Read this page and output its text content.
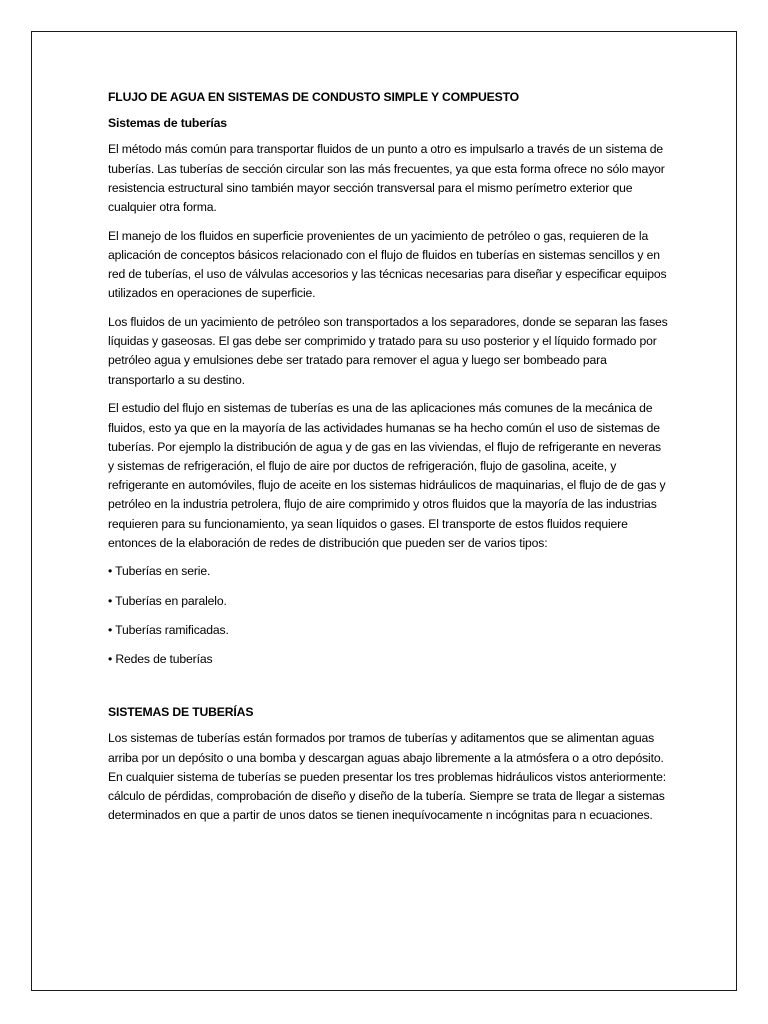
FLUJO DE AGUA EN SISTEMAS DE CONDUSTO SIMPLE Y COMPUESTO

Sistemas de tuberías

El método más común para transportar fluidos de un punto a otro es impulsarlo a través de un sistema de tuberías. Las tuberías de sección circular son las más frecuentes, ya que esta forma ofrece no sólo mayor resistencia estructural sino también mayor sección transversal para el mismo perímetro exterior que cualquier otra forma.

El manejo de los fluidos en superficie provenientes de un yacimiento de petróleo o gas, requieren de la aplicación de conceptos básicos relacionado con el flujo de fluidos en tuberías en sistemas sencillos y en red de tuberías, el uso de válvulas accesorios y las técnicas necesarias para diseñar y especificar equipos utilizados en operaciones de superficie.

Los fluidos de un yacimiento de petróleo son transportados a los separadores, donde se separan las fases líquidas y gaseosas. El gas debe ser comprimido y tratado para su uso posterior y el líquido formado por petróleo agua y emulsiones debe ser tratado para remover el agua y luego ser bombeado para transportarlo a su destino.

El estudio del flujo en sistemas de tuberías es una de las aplicaciones más comunes de la mecánica de fluidos, esto ya que en la mayoría de las actividades humanas se ha hecho común el uso de sistemas de tuberías. Por ejemplo la distribución de agua y de gas en las viviendas, el flujo de refrigerante en neveras y sistemas de refrigeración, el flujo de aire por ductos de refrigeración, flujo de gasolina, aceite, y refrigerante en automóviles, flujo de aceite en los sistemas hidráulicos de maquinarias, el flujo de de gas y petróleo en la industria petrolera, flujo de aire comprimido y otros fluidos que la mayoría de las industrias requieren para su funcionamiento, ya sean líquidos o gases. El transporte de estos fluidos requiere entonces de la elaboración de redes de distribución que pueden ser de varios tipos:

• Tuberías en serie.
• Tuberías en paralelo.
• Tuberías ramificadas.
• Redes de tuberías

SISTEMAS DE TUBERÍAS

Los sistemas de tuberías están formados por tramos de tuberías y aditamentos que se alimentan aguas arriba por un depósito o una bomba y descargan aguas abajo libremente a la atmósfera o a otro depósito. En cualquier sistema de tuberías se pueden presentar los tres problemas hidráulicos vistos anteriormente: cálculo de pérdidas, comprobación de diseño y diseño de la tubería. Siempre se trata de llegar a sistemas determinados en que a partir de unos datos se tienen inequívocamente n incógnitas para n ecuaciones.
